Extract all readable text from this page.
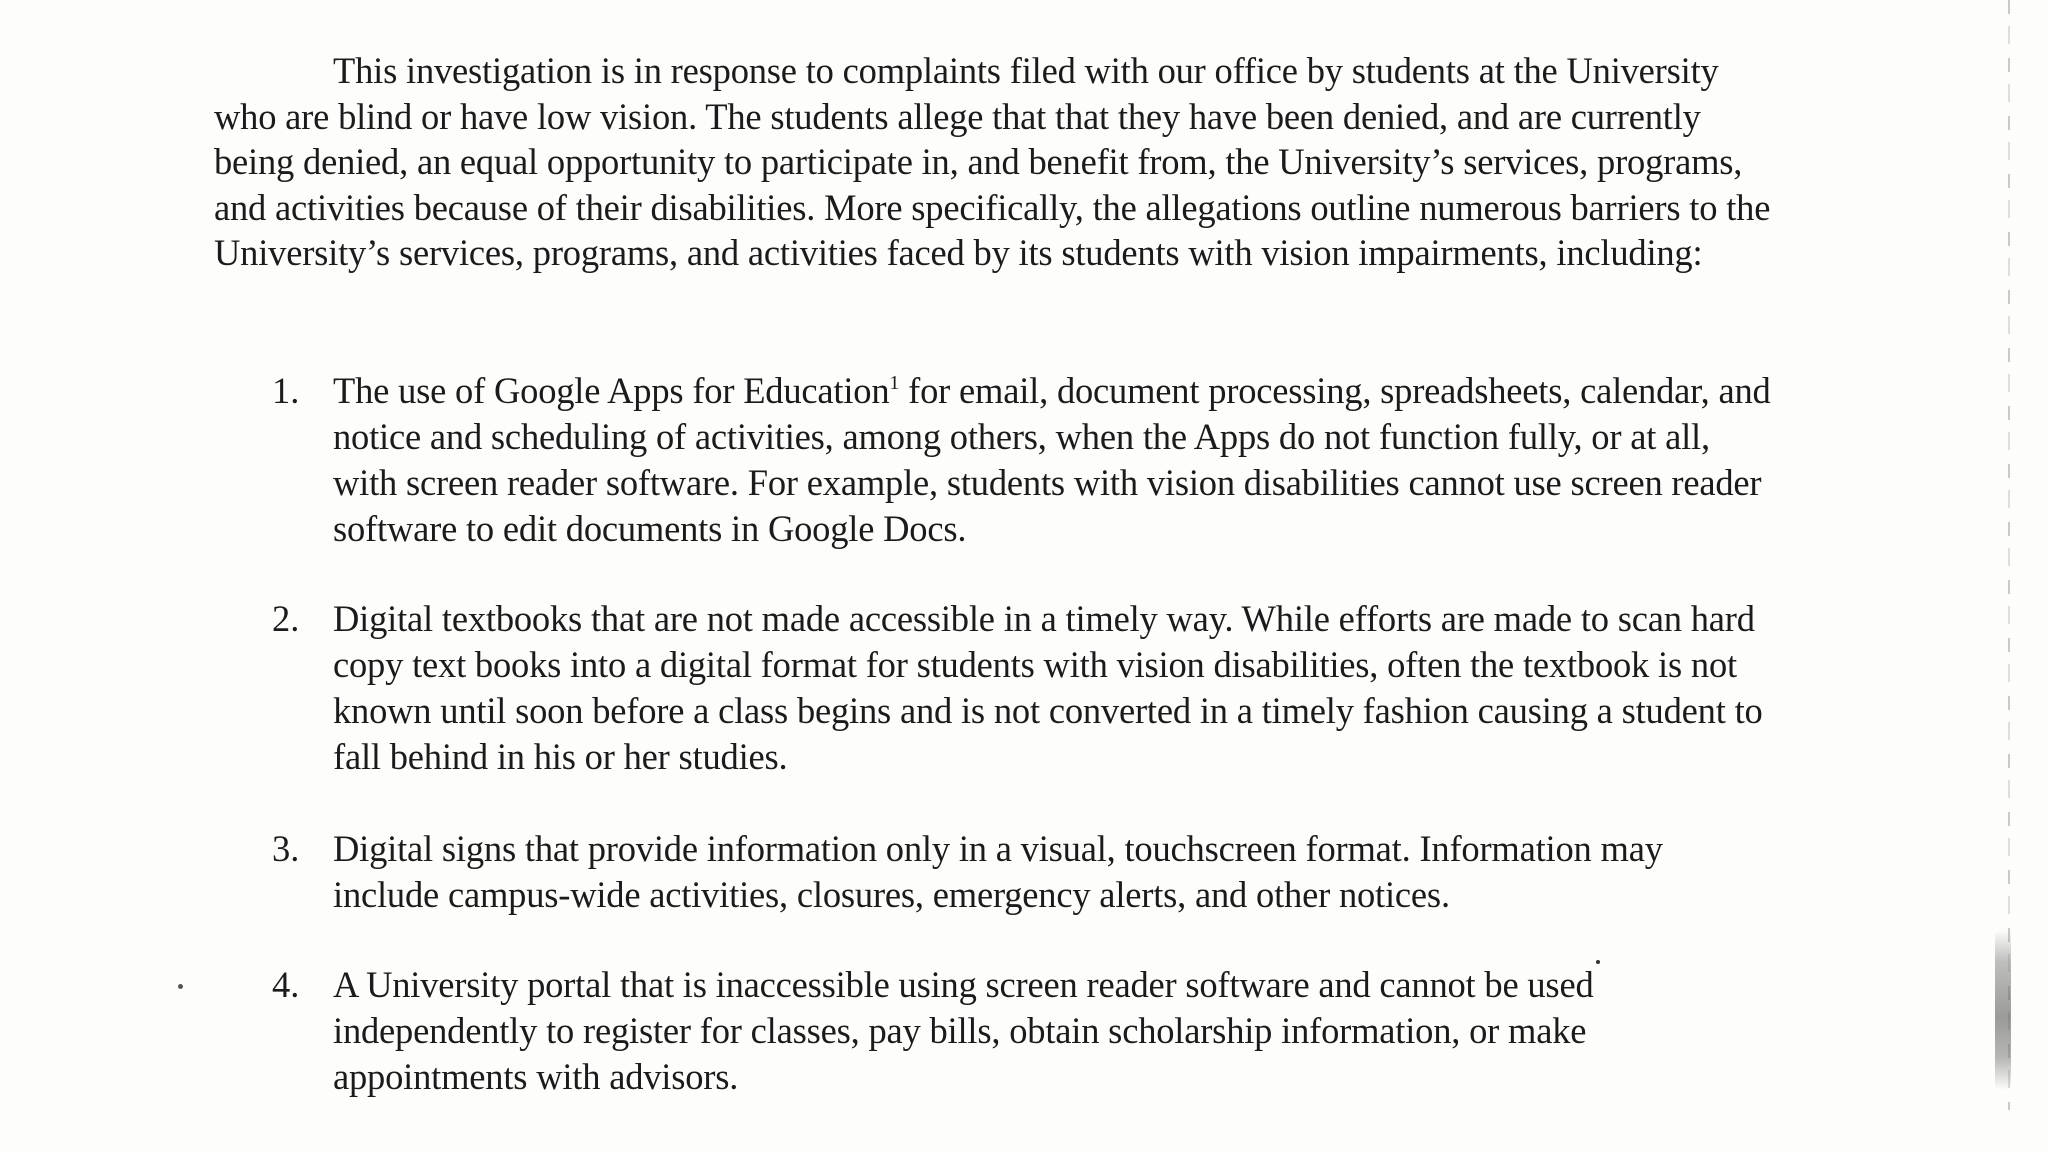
This investigation is in response to complaints filed with our office by students at the University who are blind or have low vision. The students allege that that they have been denied, and are currently being denied, an equal opportunity to participate in, and benefit from, the University’s services, programs, and activities because of their disabilities. More specifically, the allegations outline numerous barriers to the University’s services, programs, and activities faced by its students with vision impairments, including:

1. The use of Google Apps for Education$^1$ for email, document processing, spreadsheets, calendar, and notice and scheduling of activities, among others, when the Apps do not function fully, or at all, with screen reader software. For example, students with vision disabilities cannot use screen reader software to edit documents in Google Docs.

2. Digital textbooks that are not made accessible in a timely way. While efforts are made to scan hard copy text books into a digital format for students with vision disabilities, often the textbook is not known until soon before a class begins and is not converted in a timely fashion causing a student to fall behind in his or her studies.

3. Digital signs that provide information only in a visual, touchscreen format. Information may include campus-wide activities, closures, emergency alerts, and other notices.

4. A University portal that is inaccessible using screen reader software and cannot be used independently to register for classes, pay bills, obtain scholarship information, or make appointments with advisors.
